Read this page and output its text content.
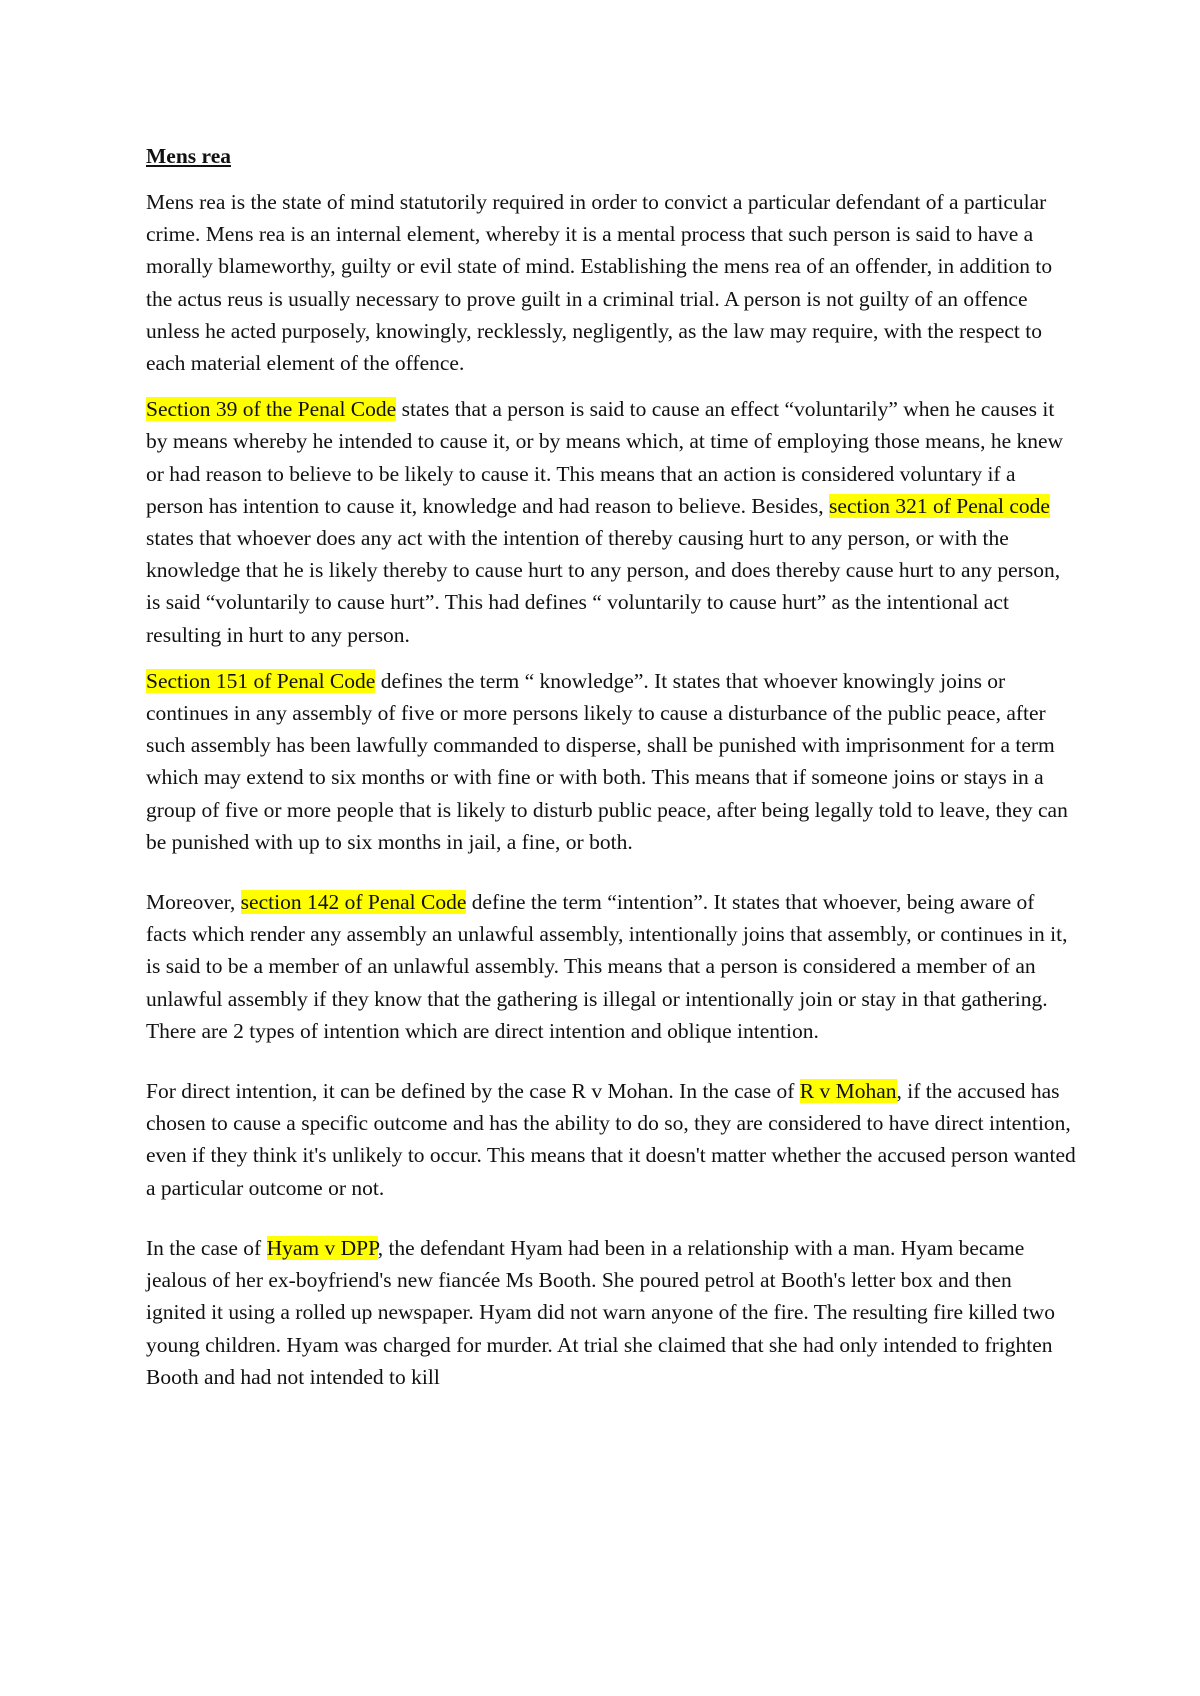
Mens rea

Mens rea is the state of mind statutorily required in order to convict a particular defendant of a particular crime. Mens rea is an internal element, whereby it is a mental process that such person is said to have a morally blameworthy, guilty or evil state of mind. Establishing the mens rea of an offender, in addition to the actus reus is usually necessary to prove guilt in a criminal trial. A person is not guilty of an offence unless he acted purposely, knowingly, recklessly, negligently, as the law may require, with the respect to each material element of the offence.

Section 39 of the Penal Code states that a person is said to cause an effect “voluntarily” when he causes it by means whereby he intended to cause it, or by means which, at time of employing those means, he knew or had reason to believe to be likely to cause it. This means that an action is considered voluntary if a person has intention to cause it, knowledge and had reason to believe. Besides, section 321 of Penal code states that whoever does any act with the intention of thereby causing hurt to any person, or with the knowledge that he is likely thereby to cause hurt to any person, and does thereby cause hurt to any person, is said “voluntarily to cause hurt”. This had defines “ voluntarily to cause hurt” as the intentional act resulting in hurt to any person.

Section 151 of Penal Code defines the term “ knowledge”. It states that whoever knowingly joins or continues in any assembly of five or more persons likely to cause a disturbance of the public peace, after such assembly has been lawfully commanded to disperse, shall be punished with imprisonment for a term which may extend to six months or with fine or with both. This means that if someone joins or stays in a group of five or more people that is likely to disturb public peace, after being legally told to leave, they can be punished with up to six months in jail, a fine, or both.

Moreover, section 142 of Penal Code define the term “intention”. It states that whoever, being aware of facts which render any assembly an unlawful assembly, intentionally joins that assembly, or continues in it, is said to be a member of an unlawful assembly. This means that a person is considered a member of an unlawful assembly if they know that the gathering is illegal or intentionally join or stay in that gathering. There are 2 types of intention which are direct intention and oblique intention.

For direct intention, it can be defined by the case R v Mohan. In the case of R v Mohan, if the accused has chosen to cause a specific outcome and has the ability to do so, they are considered to have direct intention, even if they think it's unlikely to occur. This means that it doesn't matter whether the accused person wanted a particular outcome or not.

In the case of Hyam v DPP, the defendant Hyam had been in a relationship with a man. Hyam became jealous of her ex-boyfriend's new fiancée Ms Booth. She poured petrol at Booth's letter box and then ignited it using a rolled up newspaper. Hyam did not warn anyone of the fire. The resulting fire killed two young children. Hyam was charged for murder. At trial she claimed that she had only intended to frighten Booth and had not intended to kill
